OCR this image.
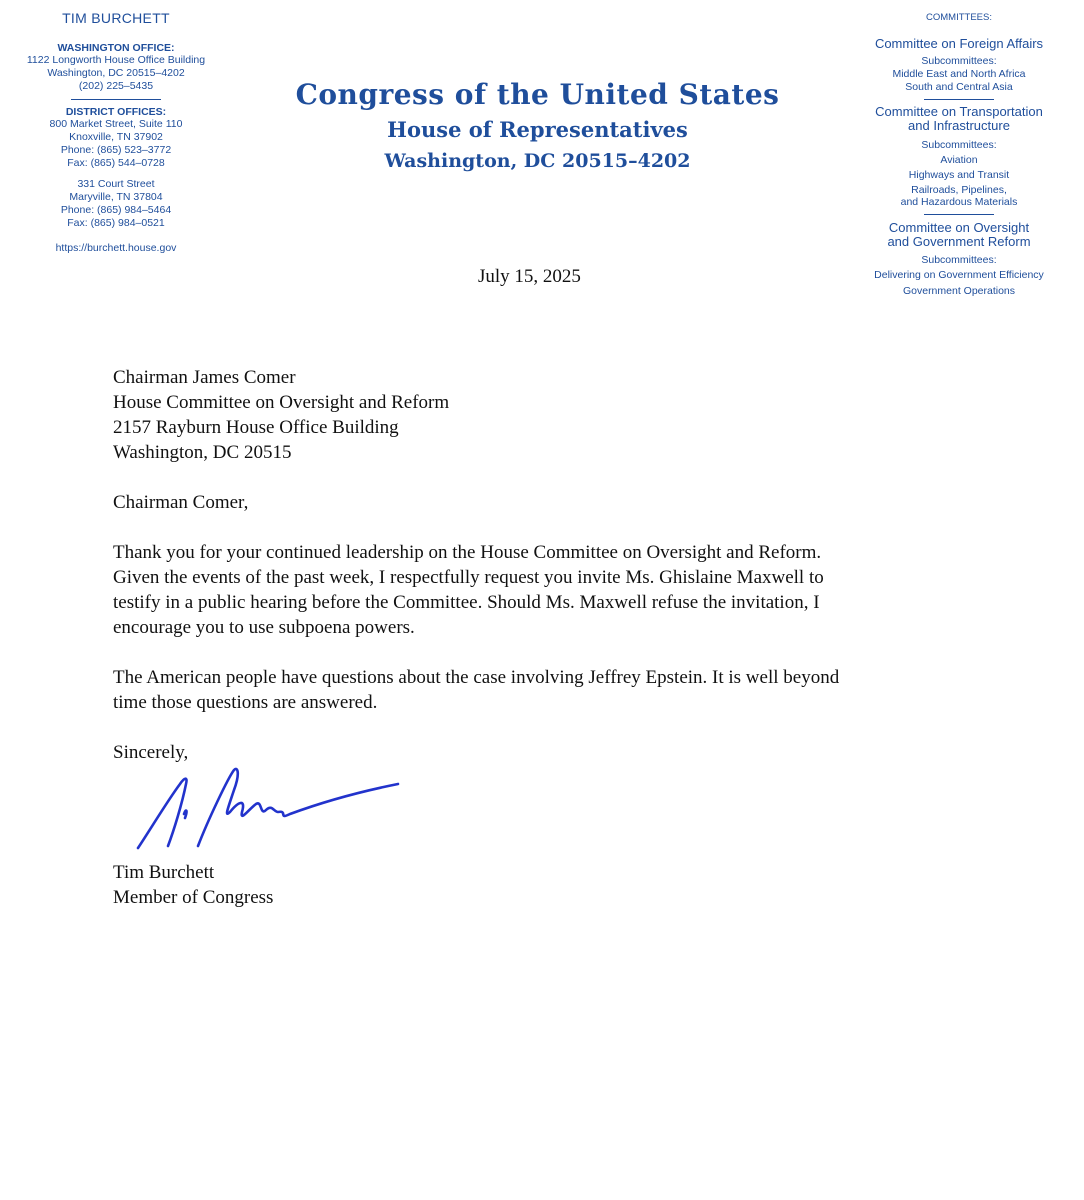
TIM BURCHETT
WASHINGTON OFFICE:
1122 Longworth House Office Building
Washington, DC 20515–4202
(202) 225–5435
DISTRICT OFFICES:
800 Market Street, Suite 110
Knoxville, TN 37902
Phone: (865) 523–3772
Fax: (865) 544–0728
331 Court Street
Maryville, TN 37804
Phone: (865) 984–5464
Fax: (865) 984–0521
https://burchett.house.gov
Congress of the United States
House of Representatives
Washington, DC 20515–4202
July 15, 2025
COMMITTEES:
Committee on Foreign Affairs
Subcommittees:
Middle East and North Africa
South and Central Asia
Committee on Transportation
and Infrastructure
Subcommittees:
Aviation
Highways and Transit
Railroads, Pipelines,
and Hazardous Materials
Committee on Oversight
and Government Reform
Subcommittees:
Delivering on Government Efficiency
Government Operations
Chairman James Comer
House Committee on Oversight and Reform
2157 Rayburn House Office Building
Washington, DC 20515
Chairman Comer,
Thank you for your continued leadership on the House Committee on Oversight and Reform.
Given the events of the past week, I respectfully request you invite Ms. Ghislaine Maxwell to
testify in a public hearing before the Committee. Should Ms. Maxwell refuse the invitation, I
encourage you to use subpoena powers.
The American people have questions about the case involving Jeffrey Epstein. It is well beyond
time those questions are answered.
Sincerely,
Tim Burchett
Member of Congress
